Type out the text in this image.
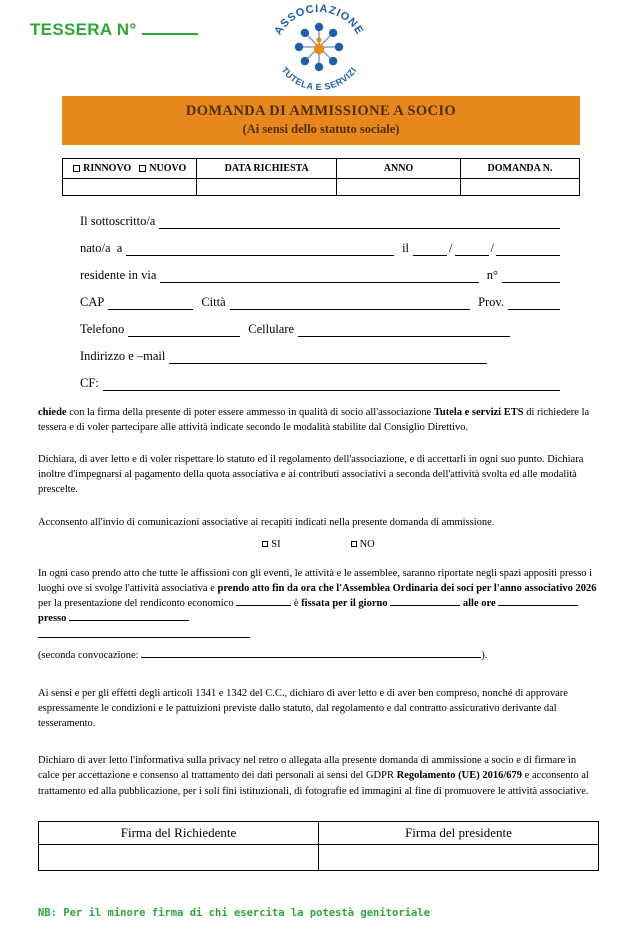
TESSERA N°	ASSOCIAZIONE
TUTELA E SERVIZI
DOMANDA DI AMMISSIONE A SOCIO
(Ai sensi dello statuto sociale)
RINNOVO NUOVO	DATA RICHIESTA	ANNO	DOMANDA N.

Il sottoscritto/a
nato/a  a	il	/	/
residente in via	n°
CAP	Città	Prov.
Telefono	Cellulare
Indirizzo e –mail
CF:

chiede con la firma della presente di poter essere ammesso in qualità di socio all'associazione Tutela e servizi ETS di richiedere la tessera e di voler partecipare alle attività indicate secondo le modalità stabilite dal Consiglio Direttivo.

Dichiara, di aver letto e di voler rispettare lo statuto ed il regolamento dell'associazione, e di accettarli in ogni suo punto. Dichiara inoltre d'impegnarsi al pagamento della quota associativa e ai contributi associativi a seconda dell'attività svolta ed alle modalità prescelte.

Acconsento all'invio di comunicazioni associative ai recapiti indicati nella presente domanda di ammissione.

SI	NO

In ogni caso prendo atto che tutte le affissioni con gli eventi, le attività e le assemblee, saranno riportate negli spazi appositi presso i luoghi ove si svolge l'attività associativa e prendo atto fin da ora che l'Assemblea Ordinaria dei soci per l'anno associativo 2026 per la presentazione del rendiconto economico	è fissata per il giorno	alle ore  presso

(seconda convocazione:	).

Ai sensi e per gli effetti degli articoli 1341 e 1342 del C.C., dichiaro di aver letto e di aver ben compreso, nonché di approvare espressamente le condizioni e le pattuizioni previste dallo statuto, dal regolamento e dal contratto assicurativo derivante dal tesseramento.

Dichiaro di aver letto l'informativa sulla privacy nel retro o allegata alla presente domanda di ammissione a socio e di firmare in calce per accettazione e consenso al trattamento dei dati personali ai sensi del GDPR Regolamento (UE) 2016/679 e acconsento al trattamento ed alla pubblicazione, per i soli fini istituzionali, di fotografie ed immagini al fine di promuovere le attività associative.

Firma del Richiedente	Firma del presidente

NB: Per il minore firma di chi esercita la potestà genitoriale
